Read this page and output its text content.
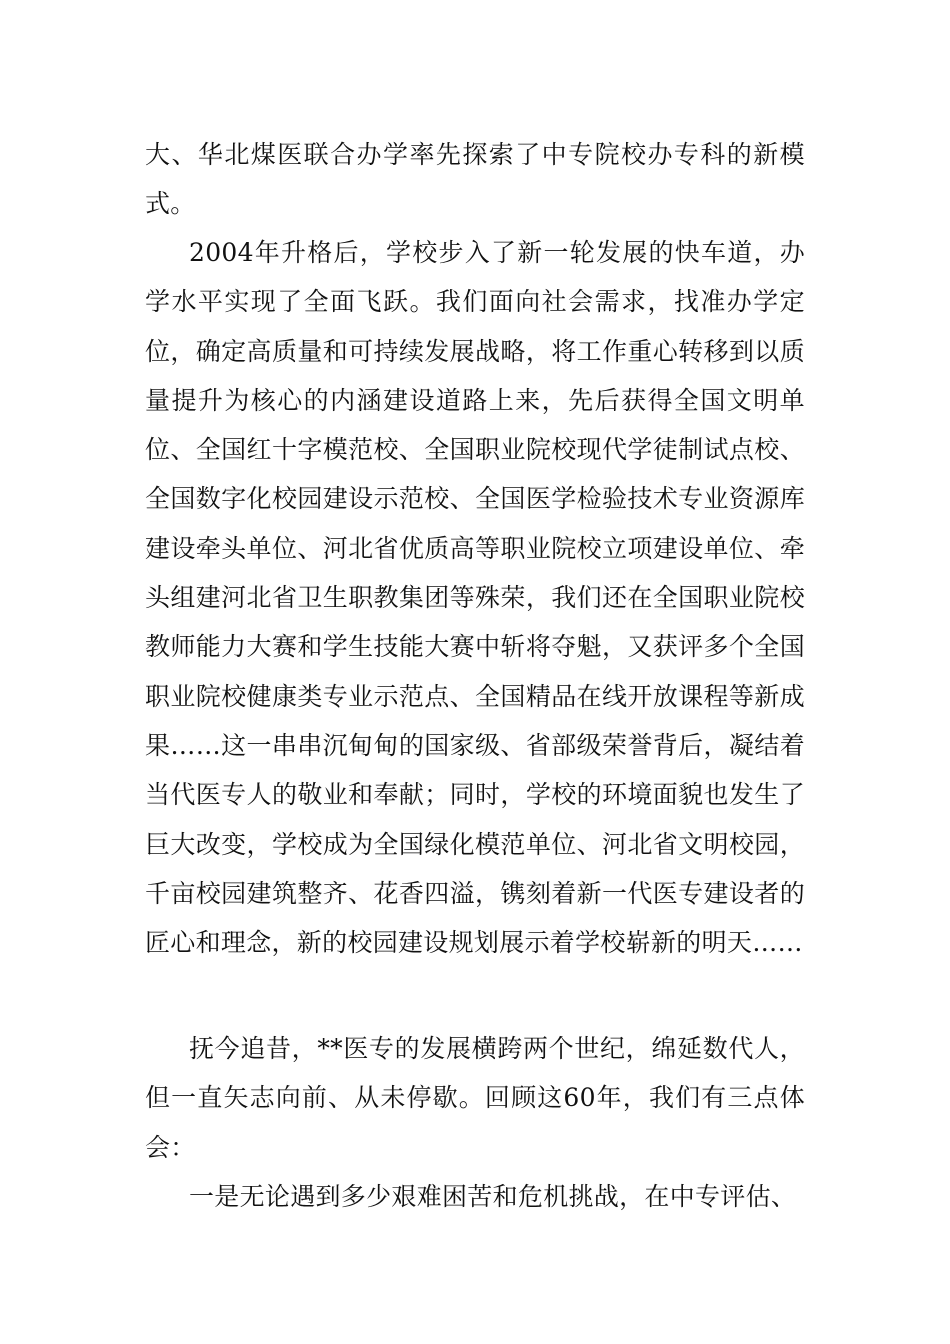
大、华北煤医联合办学率先探索了中专院校办专科的新模式。

2004年升格后，学校步入了新一轮发展的快车道，办学水平实现了全面飞跃。我们面向社会需求，找准办学定位，确定高质量和可持续发展战略，将工作重心转移到以质量提升为核心的内涵建设道路上来，先后获得全国文明单位、全国红十字模范校、全国职业院校现代学徒制试点校、全国数字化校园建设示范校、全国医学检验技术专业资源库建设牵头单位、河北省优质高等职业院校立项建设单位、牵头组建河北省卫生职教集团等殊荣，我们还在全国职业院校教师能力大赛和学生技能大赛中斩将夺魁，又获评多个全国职业院校健康类专业示范点、全国精品在线开放课程等新成果……这一串串沉甸甸的国家级、省部级荣誉背后，凝结着当代医专人的敬业和奉献；同时，学校的环境面貌也发生了巨大改变，学校成为全国绿化模范单位、河北省文明校园，千亩校园建筑整齐、花香四溢，镌刻着新一代医专建设者的匠心和理念，新的校园建设规划展示着学校崭新的明天……

抚今追昔，**医专的发展横跨两个世纪，绵延数代人，但一直矢志向前、从未停歇。回顾这60年，我们有三点体会：

一是无论遇到多少艰难困苦和危机挑战，在中专评估、
